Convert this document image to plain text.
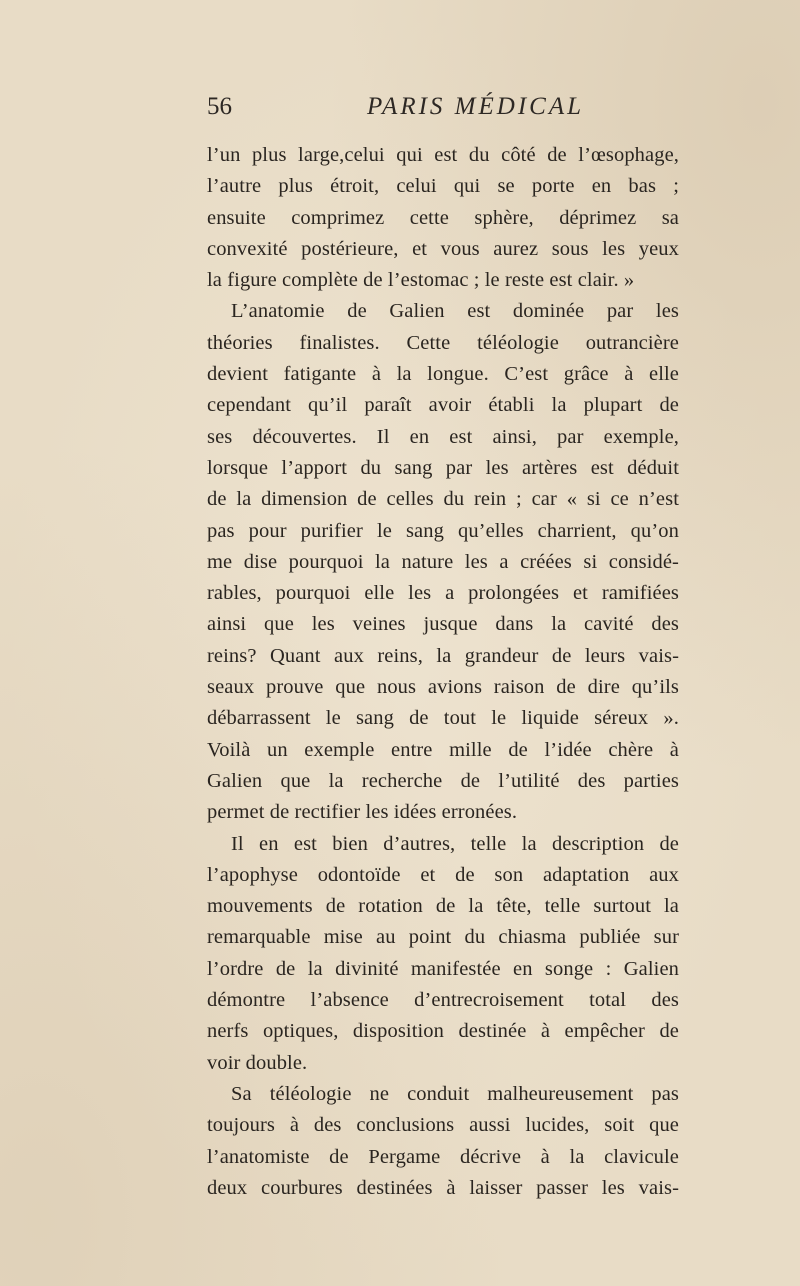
56	PARIS MÉDICAL
l’un plus large,celui qui est du côté de l’œsophage,
l’autre plus étroit, celui qui se porte en bas ;
ensuite comprimez cette sphère, déprimez sa
convexité postérieure, et vous aurez sous les yeux
la figure complète de l’estomac ; le reste est clair. »
L’anatomie de Galien est dominée par les
théories finalistes. Cette téléologie outrancière
devient fatigante à la longue. C’est grâce à elle
cependant qu’il paraît avoir établi la plupart de
ses découvertes. Il en est ainsi, par exemple,
lorsque l’apport du sang par les artères est déduit
de la dimension de celles du rein ; car « si ce n’est
pas pour purifier le sang qu’elles charrient, qu’on
me dise pourquoi la nature les a créées si considé-
rables, pourquoi elle les a prolongées et ramifiées
ainsi que les veines jusque dans la cavité des
reins? Quant aux reins, la grandeur de leurs vais-
seaux prouve que nous avions raison de dire qu’ils
débarrassent le sang de tout le liquide séreux ».
Voilà un exemple entre mille de l’idée chère à
Galien que la recherche de l’utilité des parties
permet de rectifier les idées erronées.
Il en est bien d’autres, telle la description de
l’apophyse odontoïde et de son adaptation aux
mouvements de rotation de la tête, telle surtout la
remarquable mise au point du chiasma publiée sur
l’ordre de la divinité manifestée en songe : Galien
démontre l’absence d’entrecroisement total des
nerfs optiques, disposition destinée à empêcher de
voir double.
Sa téléologie ne conduit malheureusement pas
toujours à des conclusions aussi lucides, soit que
l’anatomiste de Pergame décrive à la clavicule
deux courbures destinées à laisser passer les vais-
